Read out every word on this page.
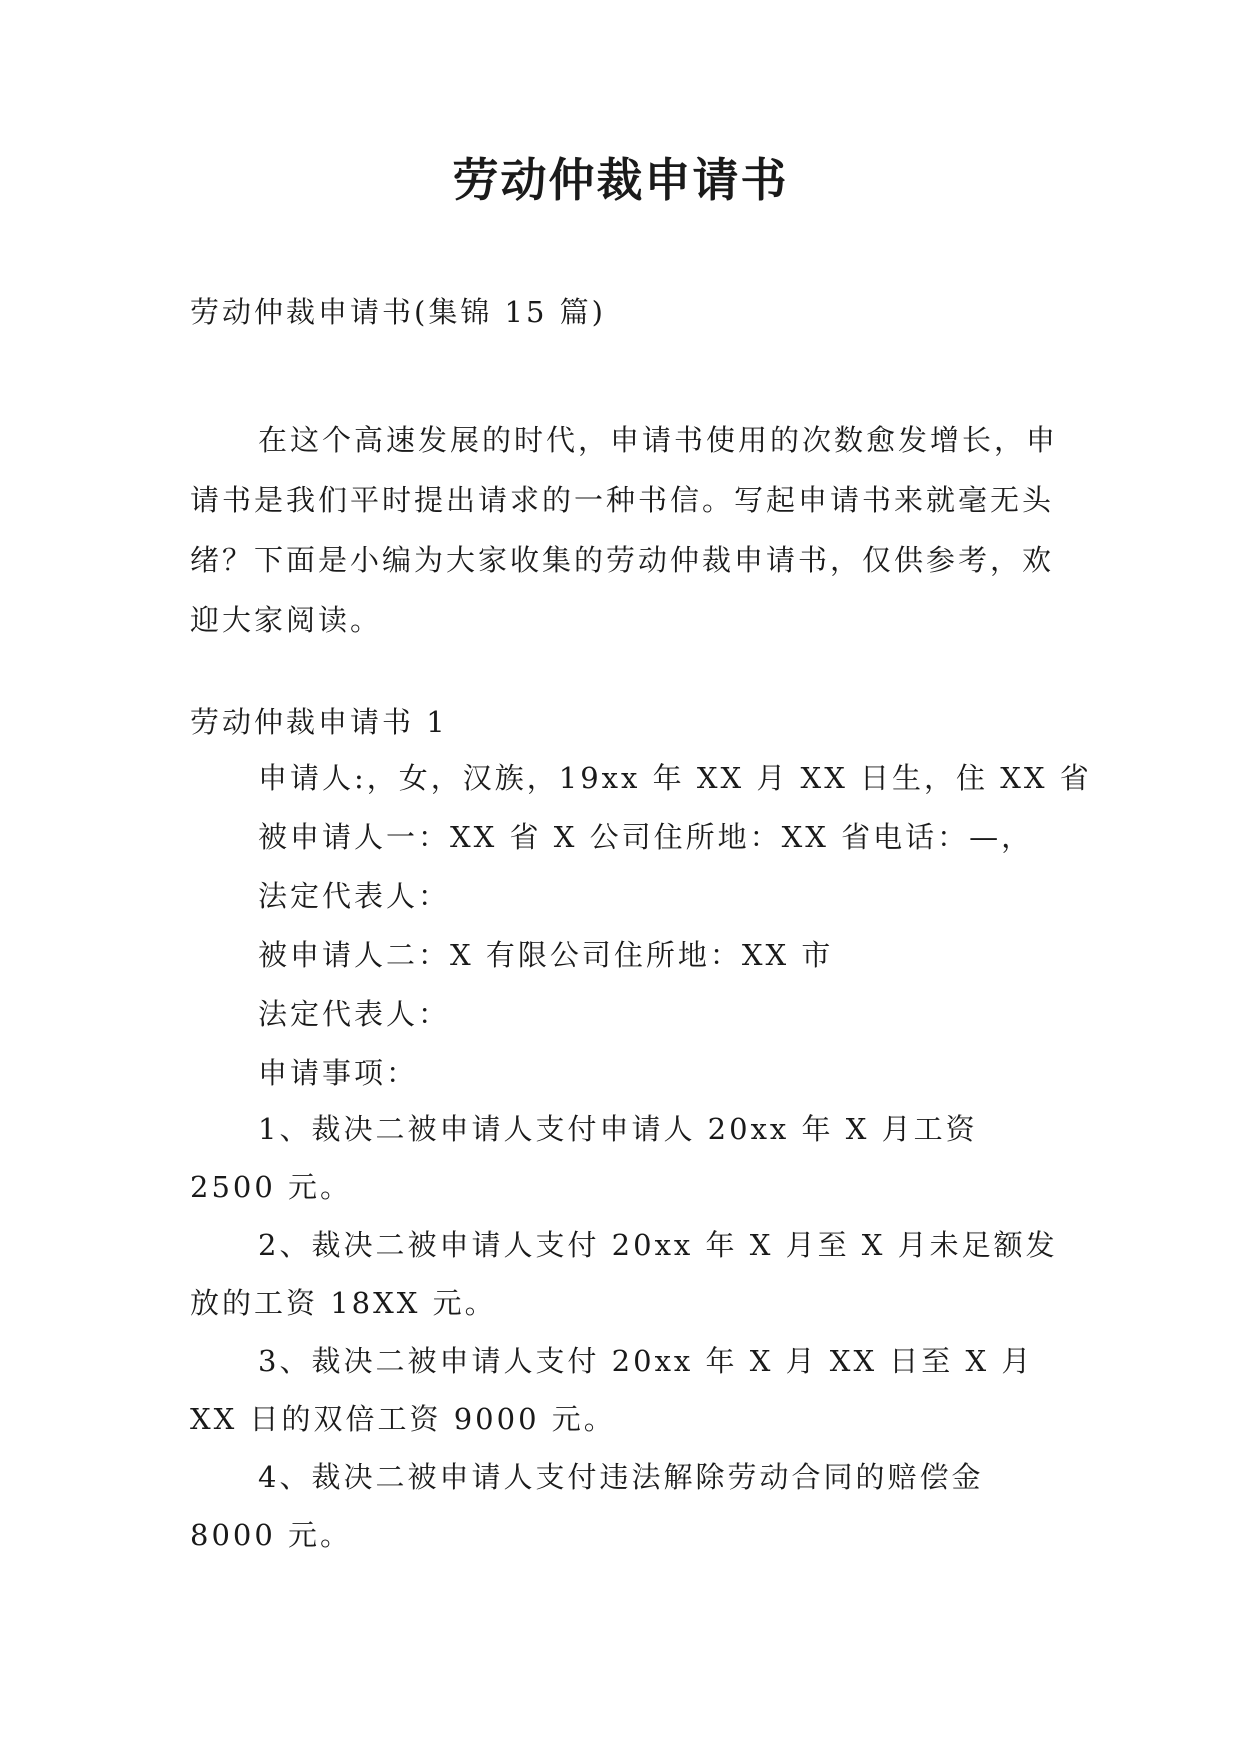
劳动仲裁申请书

劳动仲裁申请书(集锦 15 篇)

在这个高速发展的时代，申请书使用的次数愈发增长，申请书是我们平时提出请求的一种书信。写起申请书来就毫无头绪？下面是小编为大家收集的劳动仲裁申请书，仅供参考，欢迎大家阅读。

劳动仲裁申请书 1

申请人:，女，汉族，19xx 年 XX 月 XX 日生，住 XX 省

被申请人一：XX 省 X 公司住所地：XX 省电话：—，

法定代表人：

被申请人二：X 有限公司住所地：XX 市

法定代表人：

申请事项：

1、裁决二被申请人支付申请人 20xx 年 X 月工资 2500 元。

2、裁决二被申请人支付 20xx 年 X 月至 X 月未足额发放的工资 18XX 元。

3、裁决二被申请人支付 20xx 年 X 月 XX 日至 X 月 XX 日的双倍工资 9000 元。

4、裁决二被申请人支付违法解除劳动合同的赔偿金 8000 元。
